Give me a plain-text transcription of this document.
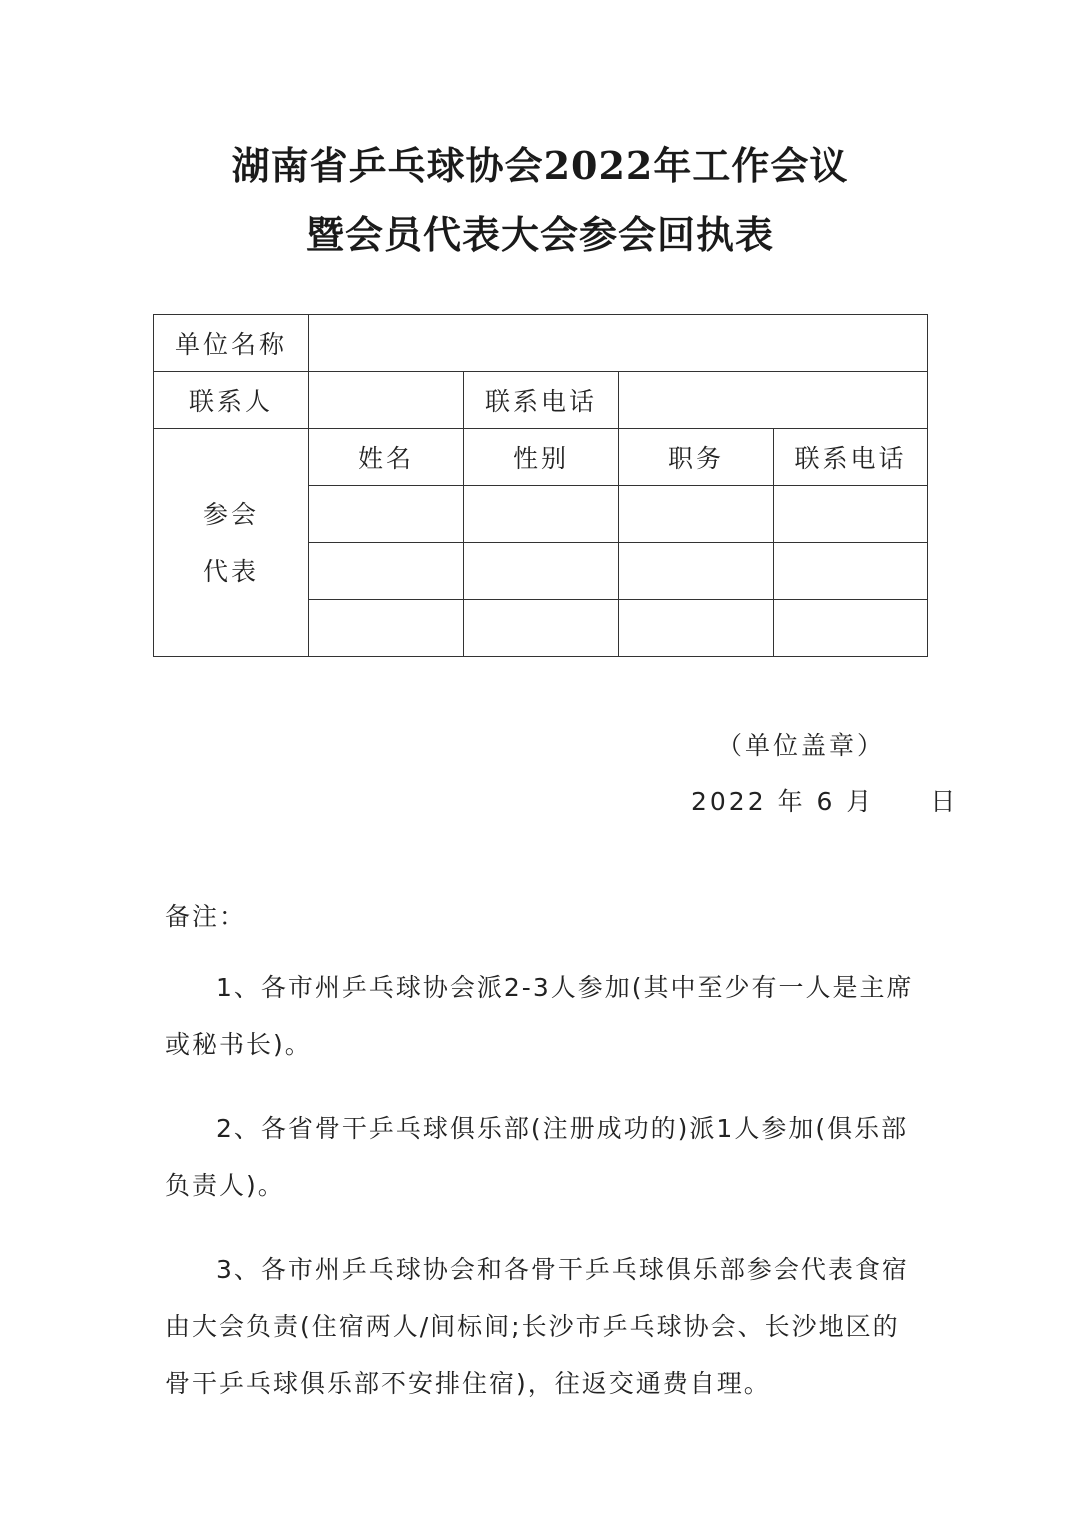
湖南省乒乓球协会2022年工作会议
暨会员代表大会参会回执表
单位名称				
联系人		联系电话		

参会
代表	姓名	性别	职务	联系电话

（单位盖章）
2022 年 6 月　　日

备注：

1、各市州乒乓球协会派2-3人参加(其中至少有一人是主席或秘书长)。

2、各省骨干乒乓球俱乐部(注册成功的)派1人参加(俱乐部负责人)。

3、各市州乒乓球协会和各骨干乒乓球俱乐部参会代表食宿由大会负责(住宿两人/间标间;长沙市乒乓球协会、长沙地区的骨干乒乓球俱乐部不安排住宿)，往返交通费自理。
